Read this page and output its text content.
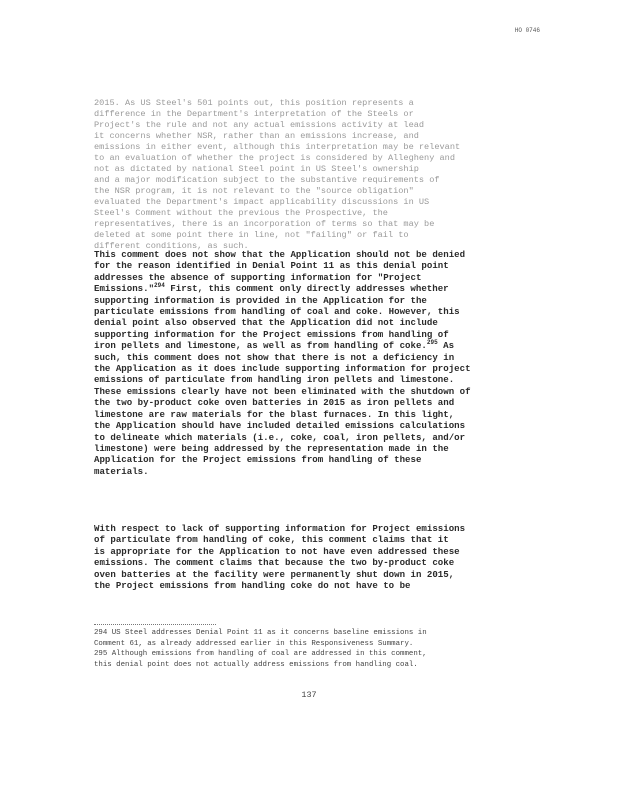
HO 0746
2015. As US Steel's 501 points out, this position represents a
difference in the Department's interpretation of the Steels or
Project's the rule and not any actual emissions activity at lead
it concerns whether NSR, rather than an emissions increase, and
emissions in either event, although this interpretation may be relevant
to an evaluation of whether the project is considered by Allegheny and
not as dictated by national Steel point in US Steel's ownership
and a major modification subject to the substantive requirements of
the NSR program, it is not relevant to the "source obligation"
evaluated the Department's impact applicability discussions in US
Steel's Comment without the previous the Prospective, the
representatives, there is an incorporation of terms so that may be
deleted at some point there in line, not "failing" or fail to
different conditions, as such.
This comment does not show that the Application should not be denied
for the reason identified in Denial Point 11 as this denial point
addresses the absence of supporting information for "Project
Emissions."$^{294}$ First, this comment only directly addresses whether
supporting information is provided in the Application for the
particulate emissions from handling of coal and coke. However, this
denial point also observed that the Application did not include
supporting information for the Project emissions from handling of
iron pellets and limestone, as well as from handling of coke.$^{295}$ As
such, this comment does not show that there is not a deficiency in
the Application as it does include supporting information for project
emissions of particulate from handling iron pellets and limestone.
These emissions clearly have not been eliminated with the shutdown of
the two by-product coke oven batteries in 2015 as iron pellets and
limestone are raw materials for the blast furnaces. In this light,
the Application should have included detailed emissions calculations
to delineate which materials (i.e., coke, coal, iron pellets, and/or
limestone) were being addressed by the representation made in the
Application for the Project emissions from handling of these
materials.
With respect to lack of supporting information for Project emissions
of particulate from handling of coke, this comment claims that it
is appropriate for the Application to not have even addressed these
emissions. The comment claims that because the two by-product coke
oven batteries at the facility were permanently shut down in 2015,
the Project emissions from handling coke do not have to be
294 US Steel addresses Denial Point 11 as it concerns baseline emissions in
Comment 61, as already addressed earlier in this Responsiveness Summary.
295 Although emissions from handling of coal are addressed in this comment,
this denial point does not actually address emissions from handling coal.
137
